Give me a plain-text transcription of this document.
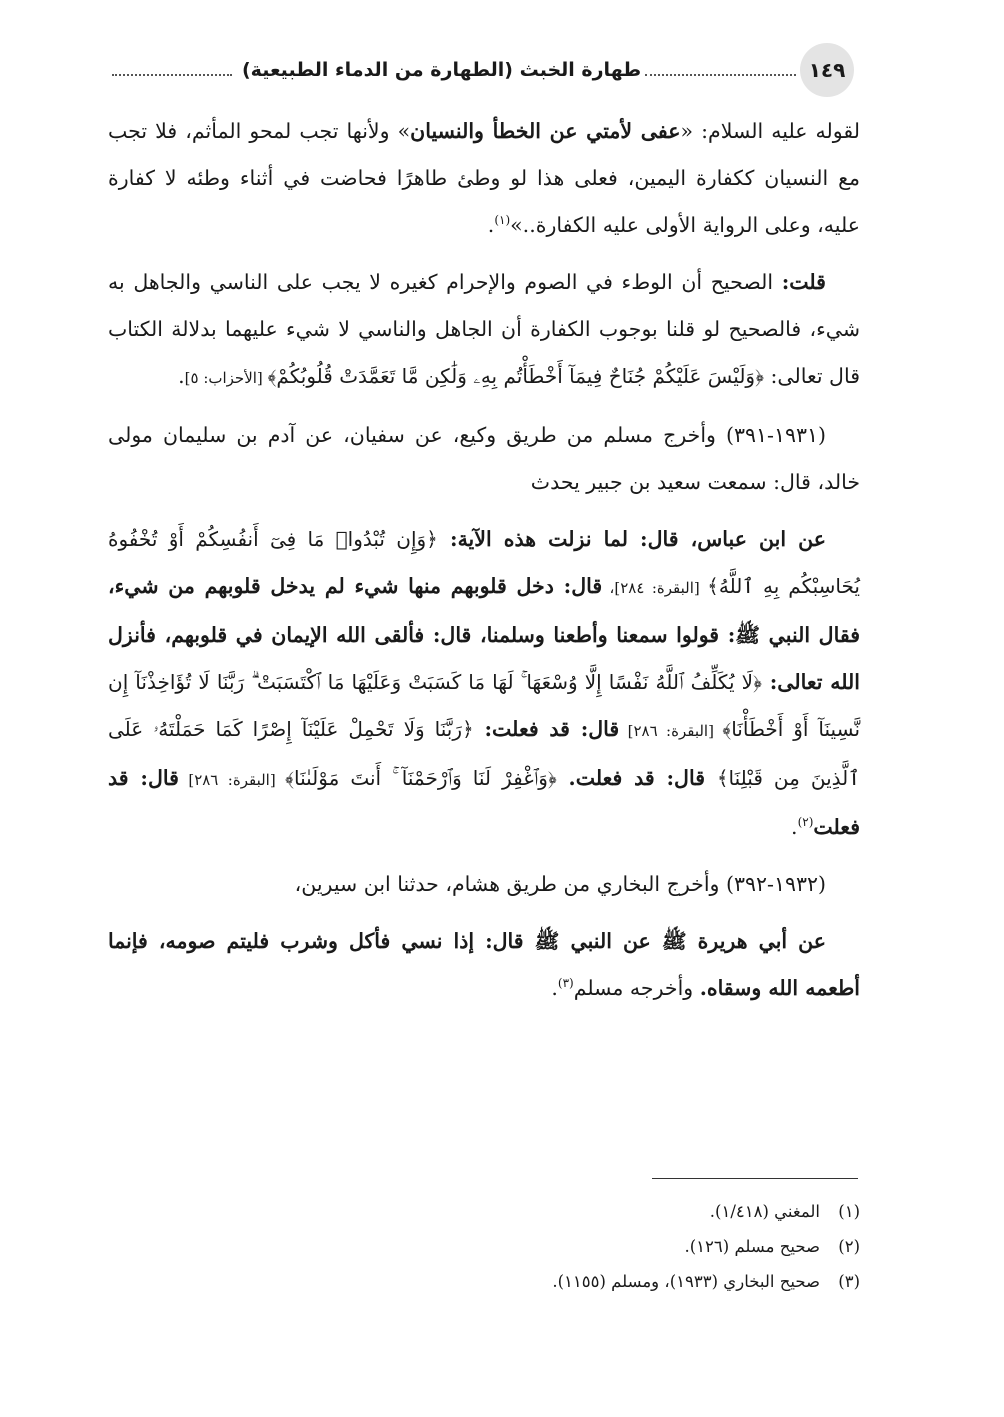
١٤٩
طهارة الخبث (الطهارة من الدماء الطبيعية)

لقوله عليه السلام: «عفى لأمتي عن الخطأ والنسيان» ولأنها تجب لمحو المأثم، فلا تجب مع النسيان ككفارة اليمين، فعلى هذا لو وطئ طاهرًا فحاضت في أثناء وطئه لا كفارة عليه، وعلى الرواية الأولى عليه الكفارة..»$^{(١)}$.

قلت: الصحيح أن الوطء في الصوم والإحرام كغيره لا يجب على الناسي والجاهل به شيء، فالصحيح لو قلنا بوجوب الكفارة أن الجاهل والناسي لا شيء عليهما بدلالة الكتاب قال تعالى: ﴿وَلَيْسَ عَلَيْكُمْ جُنَاحٌ فِيمَآ أَخْطَأْتُم بِهِۦ وَلَٰكِن مَّا تَعَمَّدَتْ قُلُوبُكُمْ﴾ [الأحزاب: ٥].

(١٩٣١-٣٩١) وأخرج مسلم من طريق وكيع، عن سفيان، عن آدم بن سليمان مولى خالد، قال: سمعت سعيد بن جبير يحدث

عن ابن عباس، قال: لما نزلت هذه الآية: ﴿وَإِن تُبْدُوا۟ مَا فِىٓ أَنفُسِكُمْ أَوْ تُخْفُوهُ يُحَاسِبْكُم بِهِ ٱللَّهُ﴾ [البقرة: ٢٨٤]، قال: دخل قلوبهم منها شيء لم يدخل قلوبهم من شيء، فقال النبي ﷺ: قولوا سمعنا وأطعنا وسلمنا، قال: فألقى الله الإيمان في قلوبهم، فأنزل الله تعالى: ﴿لَا يُكَلِّفُ ٱللَّهُ نَفْسًا إِلَّا وُسْعَهَا ۚ لَهَا مَا كَسَبَتْ وَعَلَيْهَا مَا ٱكْتَسَبَتْ ۗ رَبَّنَا لَا تُؤَاخِذْنَآ إِن نَّسِينَآ أَوْ أَخْطَأْنَا﴾ [البقرة: ٢٨٦] قال: قد فعلت: ﴿رَبَّنَا وَلَا تَحْمِلْ عَلَيْنَآ إِصْرًا كَمَا حَمَلْتَهُۥ عَلَى ٱلَّذِينَ مِن قَبْلِنَا﴾ قال: قد فعلت. ﴿وَٱغْفِرْ لَنَا وَٱرْحَمْنَآ ۚ أَنتَ مَوْلَىٰنَا﴾ [البقرة: ٢٨٦] قال: قد فعلت$^{(٢)}$.

(١٩٣٢-٣٩٢) وأخرج البخاري من طريق هشام، حدثنا ابن سيرين،

عن أبي هريرة ﷺ عن النبي ﷺ قال: إذا نسي فأكل وشرب فليتم صومه، فإنما أطعمه الله وسقاه. وأخرجه مسلم$^{(٣)}$.

(١)
المغني (١/٤١٨).
(٢)
صحيح مسلم (١٢٦).
(٣)
صحيح البخاري (١٩٣٣)، ومسلم (١١٥٥).
